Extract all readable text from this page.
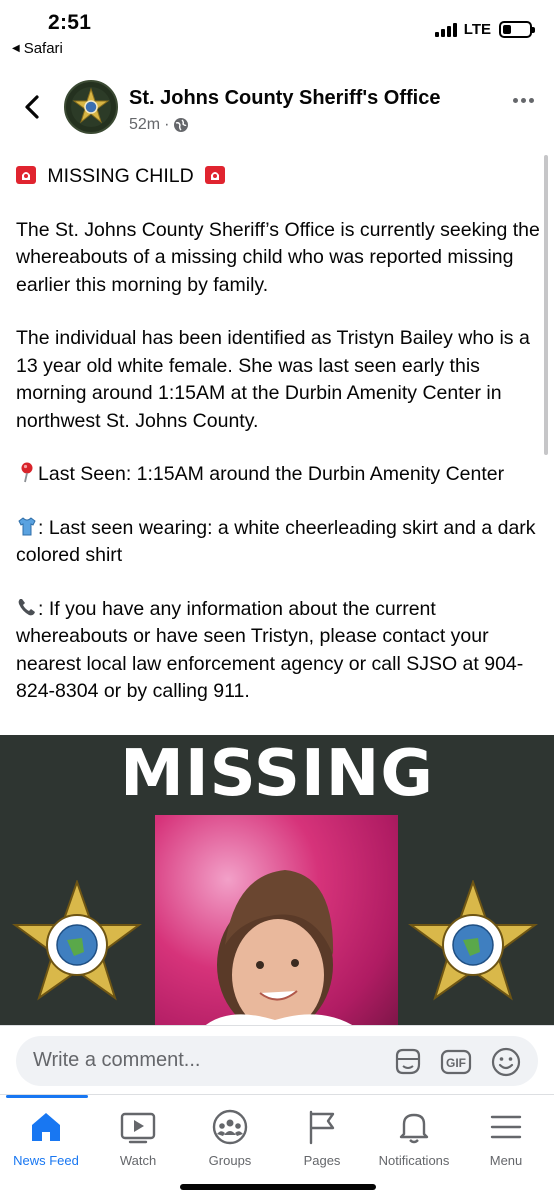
2:51
◀ Safari
LTE
St. Johns County Sheriff's Office
52m ·

MISSING CHILD

The St. Johns County Sheriff’s Office is currently seeking the whereabouts of a missing child who was reported missing earlier this morning by family.

The individual has been identified as Tristyn Bailey who is a 13 year old white female. She was last seen early this morning around 1:15AM at the Durbin Amenity Center in northwest St. Johns County.

Last Seen: 1:15AM around the Durbin Amenity Center

: Last seen wearing: a white cheerleading skirt and a dark colored shirt

: If you have any information about the current whereabouts or have seen Tristyn, please contact your nearest local law enforcement agency or call SJSO at 904-824-8304 or by calling 911.

MISSING
Write a comment...	GIF
News Feed	Watch	Groups	Pages	Notifications	Menu
